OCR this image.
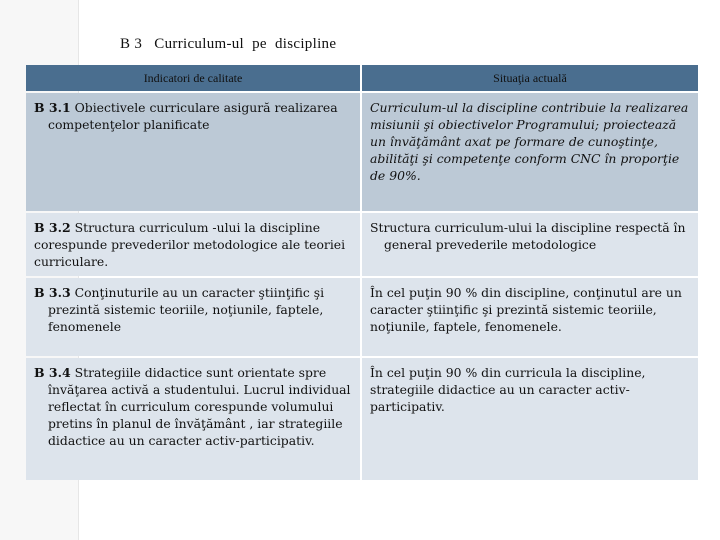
B 3   Curriculum-ul  pe  discipline
Indicatori de calitate	Situaţia actuală
B 3.1 Obiectivele curriculare asigură realizarea competenţelor planificate	Curriculum-ul la discipline contribuie la realizarea misiunii şi obiectivelor Programului; proiectează un învăţământ axat pe formare de cunoştinţe, abilităţi şi competenţe conform CNC în proporţie de 90%.
B 3.2 Structura curriculum -ului la discipline corespunde prevederilor metodologice ale teoriei curriculare.	Structura curriculum-ului la discipline respectă în general prevederile metodologice
B 3.3 Conţinuturile au un caracter ştiinţific şi prezintă sistemic teoriile, noţiunile, faptele, fenomenele	În cel puţin 90 % din discipline, conţinutul are un caracter ştiinţific şi prezintă sistemic teoriile, noţiunile, faptele, fenomenele.
B 3.4 Strategiile didactice sunt orientate spre învăţarea activă a studentului. Lucrul individual reflectat în curriculum corespunde volumului pretins în planul de învăţământ , iar strategiile didactice au un caracter activ-participativ.	În cel puţin 90 % din curricula la discipline, strategiile didactice au un caracter activ-participativ.
